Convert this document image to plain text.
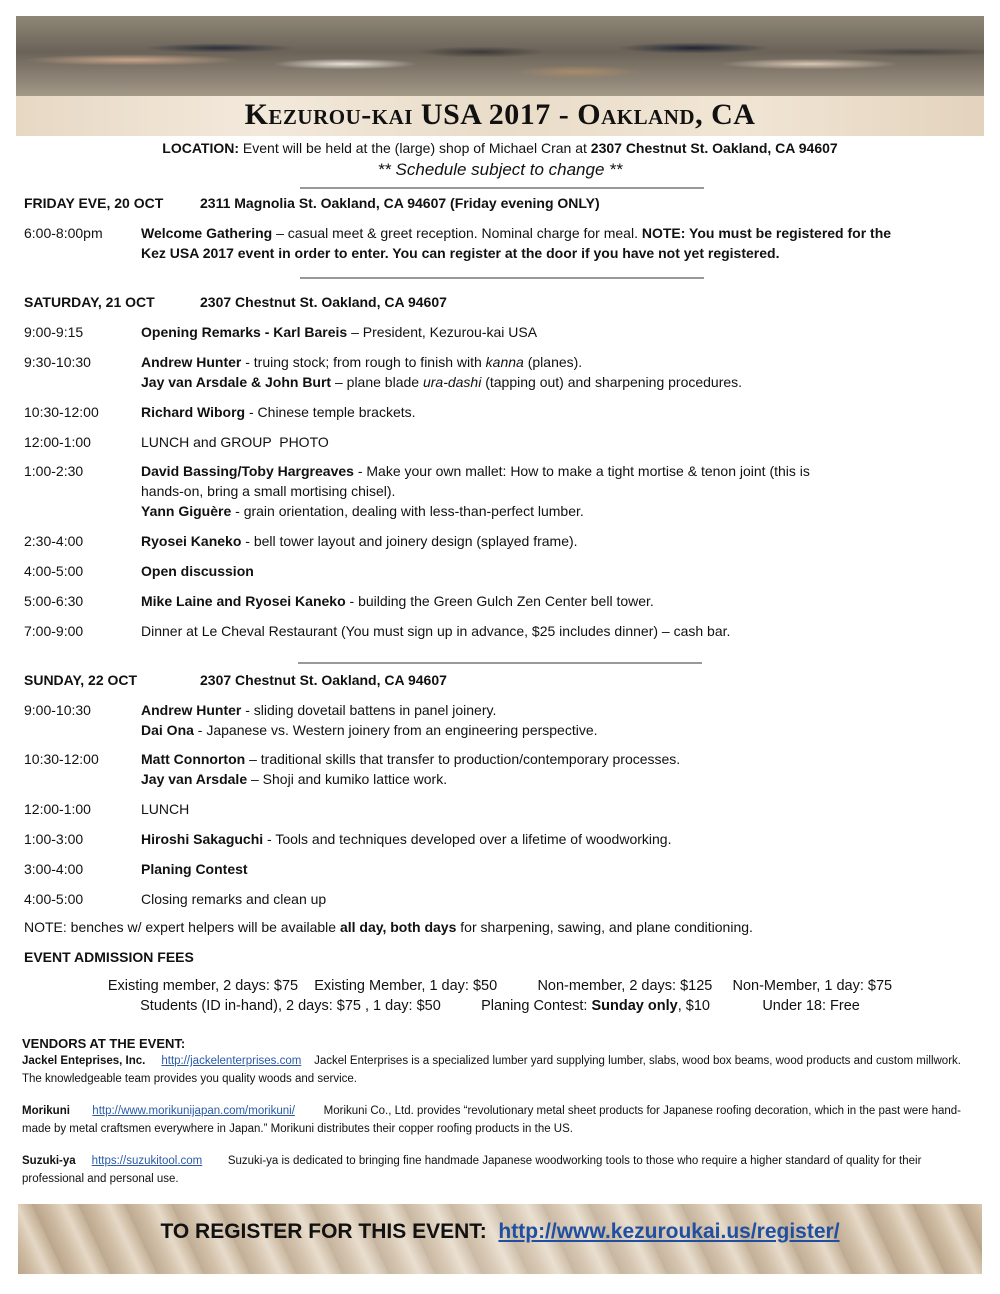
Kezurou-kai USA 2017 - Oakland, CA
LOCATION: Event will be held at the (large) shop of Michael Cran at 2307 Chestnut St. Oakland, CA 94607
** Schedule subject to change **
FRIDAY EVE, 20 OCT	2311 Magnolia St. Oakland, CA 94607 (Friday evening ONLY)
6:00-8:00pm	Welcome Gathering – casual meet & greet reception. Nominal charge for meal. NOTE: You must be registered for the Kez USA 2017 event in order to enter. You can register at the door if you have not yet registered.
SATURDAY, 21 OCT	2307 Chestnut St. Oakland, CA 94607
9:00-9:15	Opening Remarks - Karl Bareis – President, Kezurou-kai USA
9:30-10:30	Andrew Hunter - truing stock; from rough to finish with kanna (planes).
Jay van Arsdale & John Burt – plane blade ura-dashi (tapping out) and sharpening procedures.
10:30-12:00	Richard Wiborg - Chinese temple brackets.
12:00-1:00	LUNCH and GROUP  PHOTO
1:00-2:30	David Bassing/Toby Hargreaves - Make your own mallet: How to make a tight mortise & tenon joint (this is hands-on, bring a small mortising chisel).
Yann Giguère - grain orientation, dealing with less-than-perfect lumber.
2:30-4:00	Ryosei Kaneko - bell tower layout and joinery design (splayed frame).
4:00-5:00	Open discussion
5:00-6:30	Mike Laine and Ryosei Kaneko - building the Green Gulch Zen Center bell tower.
7:00-9:00	Dinner at Le Cheval Restaurant (You must sign up in advance, $25 includes dinner) – cash bar.
SUNDAY, 22 OCT	2307 Chestnut St. Oakland, CA 94607
9:00-10:30	Andrew Hunter - sliding dovetail battens in panel joinery.
Dai Ona - Japanese vs. Western joinery from an engineering perspective.
10:30-12:00	Matt Connorton – traditional skills that transfer to production/contemporary processes.
Jay van Arsdale – Shoji and kumiko lattice work.
12:00-1:00	LUNCH
1:00-3:00	Hiroshi Sakaguchi - Tools and techniques developed over a lifetime of woodworking.
3:00-4:00	Planing Contest
4:00-5:00	Closing remarks and clean up
NOTE: benches w/ expert helpers will be available all day, both days for sharpening, sawing, and plane conditioning.
EVENT ADMISSION FEES
Existing member, 2 days: $75    Existing Member, 1 day: $50          Non-member, 2 days: $125     Non-Member, 1 day: $75
Students (ID in-hand), 2 days: $75 , 1 day: $50          Planing Contest: Sunday only, $10             Under 18: Free
VENDORS AT THE EVENT:
Jackel Enteprises, Inc. http://jackelenterprises.com Jackel Enterprises is a specialized lumber yard supplying lumber, slabs, wood box beams, wood products and custom millwork. The knowledgeable team provides you quality woods and service.
Morikuni http://www.morikunijapan.com/morikuni/	Morikuni Co., Ltd. provides “revolutionary metal sheet products for Japanese roofing decoration, which in the past were hand-made by metal craftsmen everywhere in Japan.” Morikuni distributes their copper roofing products in the US.
Suzuki-ya https://suzukitool.com Suzuki-ya is dedicated to bringing fine handmade Japanese woodworking tools to those who require a higher standard of quality for their professional and personal use.
TO REGISTER FOR THIS EVENT: http://www.kezuroukai.us/register/
